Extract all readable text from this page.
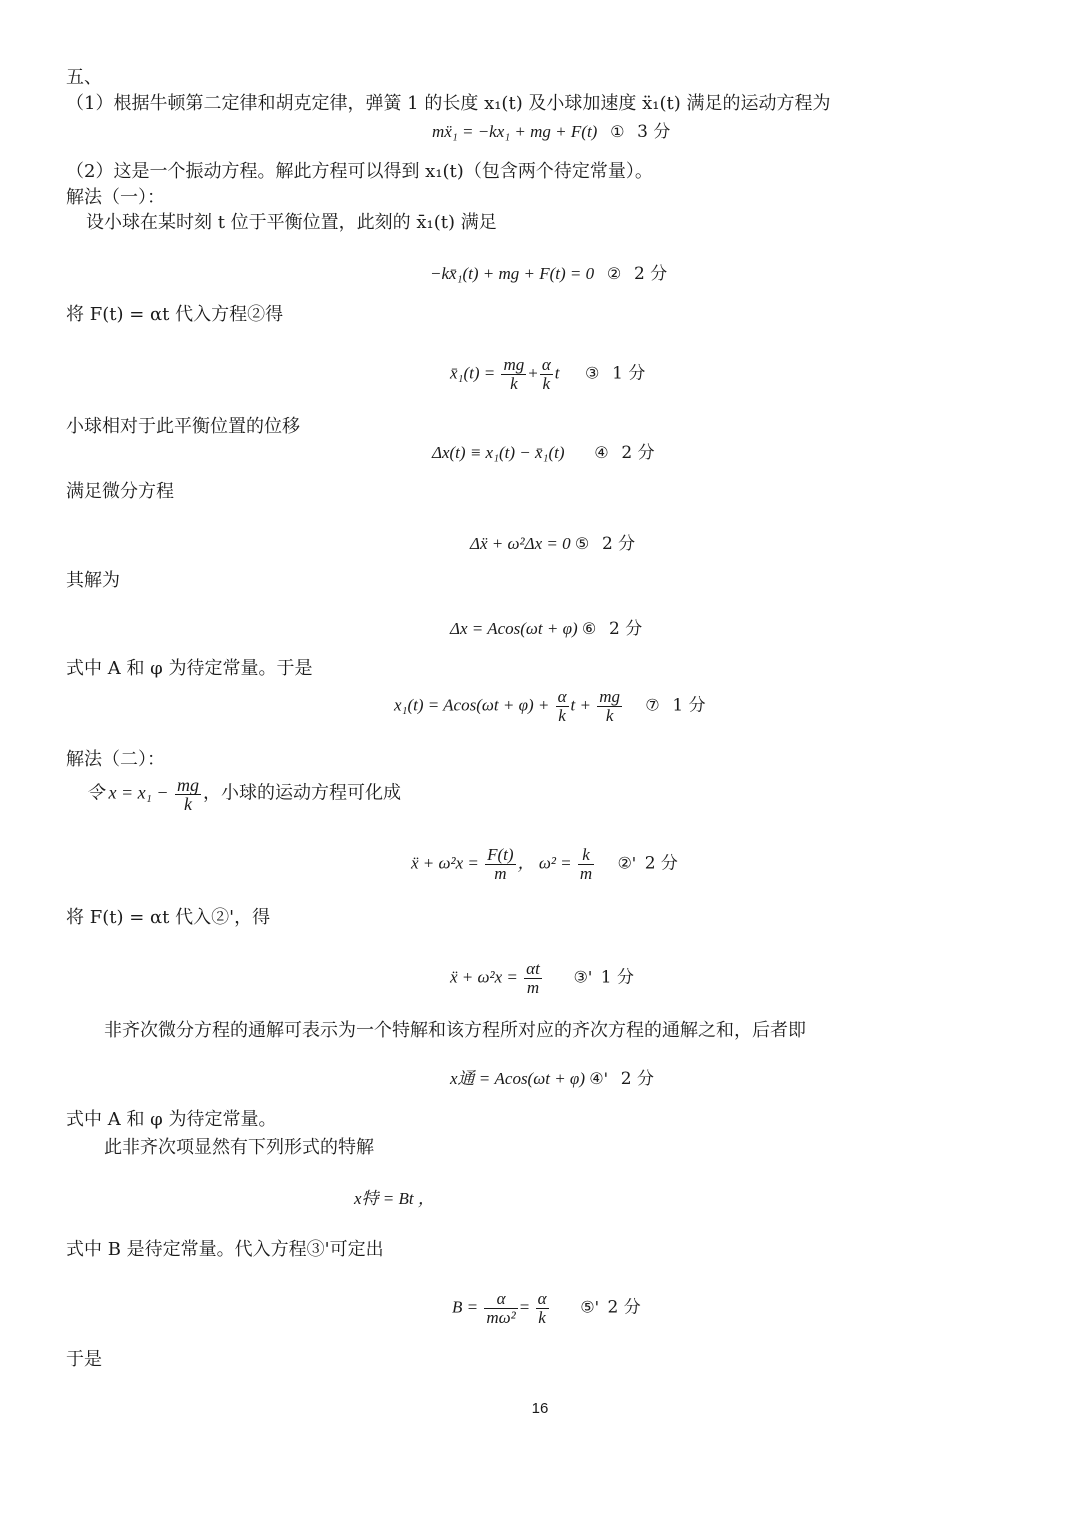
五、
（1）根据牛顿第二定律和胡克定律，弹簧 1 的长度 x₁(t) 及小球加速度 ẍ₁(t) 满足的运动方程为
mẍ₁ = −kx₁ + mg + F(t) ① 3 分
（2）这是一个振动方程。解此方程可以得到 x₁(t)（包含两个待定常量）。
解法（一）：
设小球在某时刻 t 位于平衡位置，此刻的 x̄₁(t) 满足
−kx̄₁(t) + mg + F(t) = 0 ② 2 分
将 F(t) = αt 代入方程②得
x̄₁(t) = $\frac{mg}{k} + \frac{\alpha}{k}$ t ③ 1 分
小球相对于此平衡位置的位移
Δx(t) ≡ x₁(t) − x̄₁(t) ④ 2 分
满足微分方程
Δẍ + ω²Δx = 0 ⑤ 2 分
其解为
Δx = Acos(ωt + φ) ⑥ 2 分
式中 A 和 φ 为待定常量。于是
$x_1(t) = Acos(\omega t + \varphi) + \frac{\alpha}{k}$ $t + \frac{mg}{k}$ ⑦ 1 分
解法（二）：
令 $x = x_1 - \frac{mg}{k}$ ，小球的运动方程可化成
ẍ + $\omega^2x = \frac{F(t)}{m}$ ， $\omega^2 = \frac{k}{m}$ ②' 2 分
将 F(t) = αt 代入②'，得
ẍ + $\omega^2x = \frac{\alpha t}{m}$ ③' 1 分
非齐次微分方程的通解可表示为一个特解和该方程所对应的齐次方程的通解之和，后者即
x通 = Acos(ωt + φ) ④' 2 分
式中 A 和 φ 为待定常量。
此非齐次项显然有下列形式的特解
x特 = Bt ，
式中 B 是待定常量。代入方程③'可定出
$B = \frac{\alpha}{\text{mω²}} = \frac{\alpha}{k}$ ⑤' 2 分
于是
16
